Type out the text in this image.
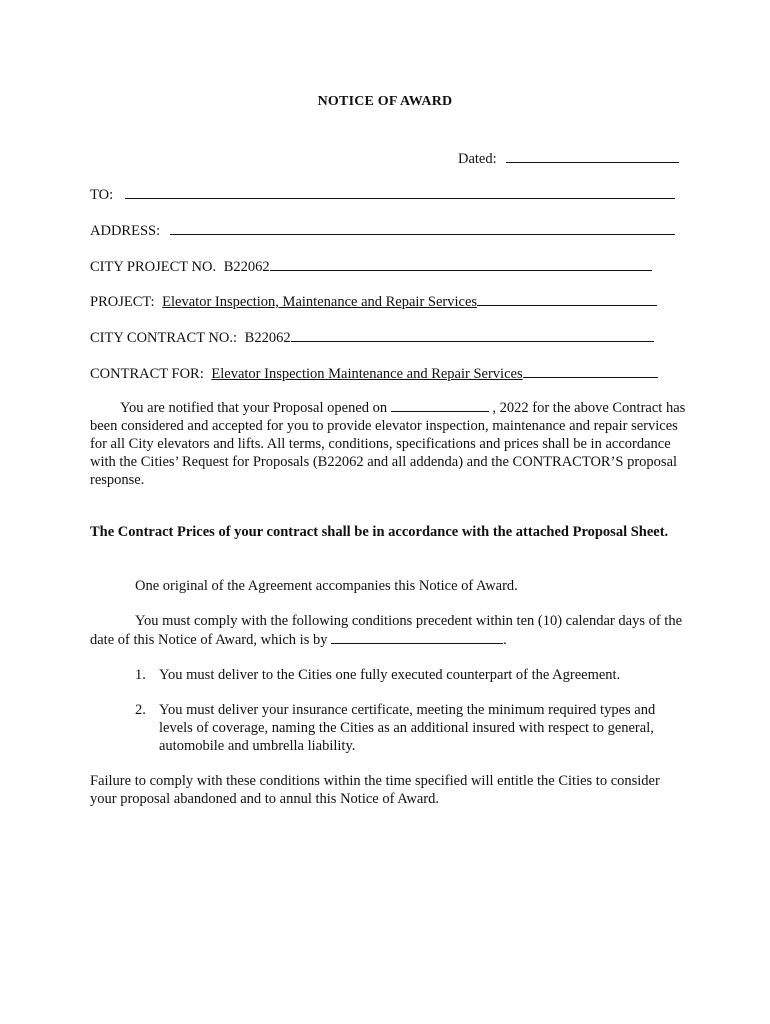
NOTICE OF AWARD
Dated:
TO:
ADDRESS:
CITY PROJECT NO. B22062
PROJECT: Elevator Inspection, Maintenance and Repair Services
CITY CONTRACT NO.: B22062
CONTRACT FOR: Elevator Inspection Maintenance and Repair Services
You are notified that your Proposal opened on	, 2022 for the above Contract has been considered and accepted for you to provide elevator inspection, maintenance and repair services for all City elevators and lifts. All terms, conditions, specifications and prices shall be in accordance with the Cities’ Request for Proposals (B22062 and all addenda) and the CONTRACTOR’S proposal response.
The Contract Prices of your contract shall be in accordance with the attached Proposal Sheet.
One original of the Agreement accompanies this Notice of Award.
You must comply with the following conditions precedent within ten (10) calendar days of the date of this Notice of Award, which is by	.
1. You must deliver to the Cities one fully executed counterpart of the Agreement.
2. You must deliver your insurance certificate, meeting the minimum required types and levels of coverage, naming the Cities as an additional insured with respect to general, automobile and umbrella liability.
Failure to comply with these conditions within the time specified will entitle the Cities to consider your proposal abandoned and to annul this Notice of Award.
